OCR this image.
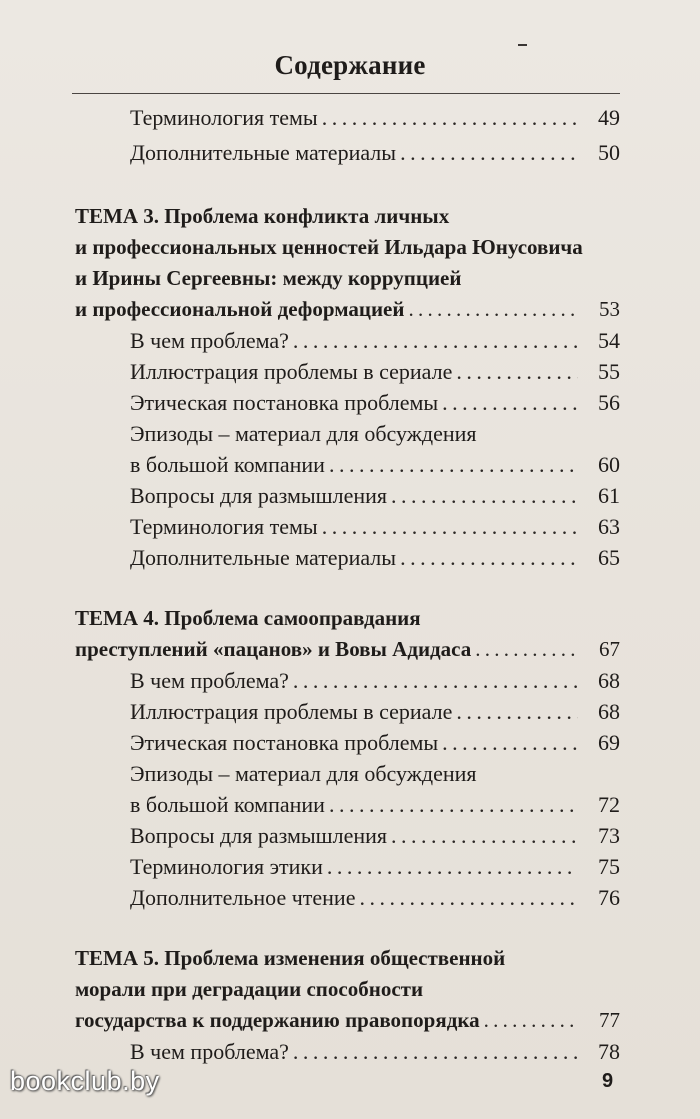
Содержание
Терминология темы . . .	49
Дополнительные материалы . . .	50
ТЕМА 3. Проблема конфликта личных
и профессиональных ценностей Ильдара Юнусовича
и Ирины Сергеевны: между коррупцией
и профессиональной деформацией . . .	53
В чем проблема? . . .	54
Иллюстрация проблемы в сериале . . .	55
Этическая постановка проблемы . . .	56
Эпизоды – материал для обсуждения
в большой компании . . .	60
Вопросы для размышления . . .	61
Терминология темы . . .	63
Дополнительные материалы . . .	65
ТЕМА 4. Проблема самооправдания
преступлений «пацанов» и Вовы Адидаса . . .	67
В чем проблема? . . .	68
Иллюстрация проблемы в сериале . . .	68
Этическая постановка проблемы . . .	69
Эпизоды – материал для обсуждения
в большой компании . . .	72
Вопросы для размышления . . .	73
Терминология этики . . .	75
Дополнительное чтение . . .	76
ТЕМА 5. Проблема изменения общественной
морали при деградации способности
государства к поддержанию правопорядка . . .	77
В чем проблема? . . .	78
bookclub.by	9
